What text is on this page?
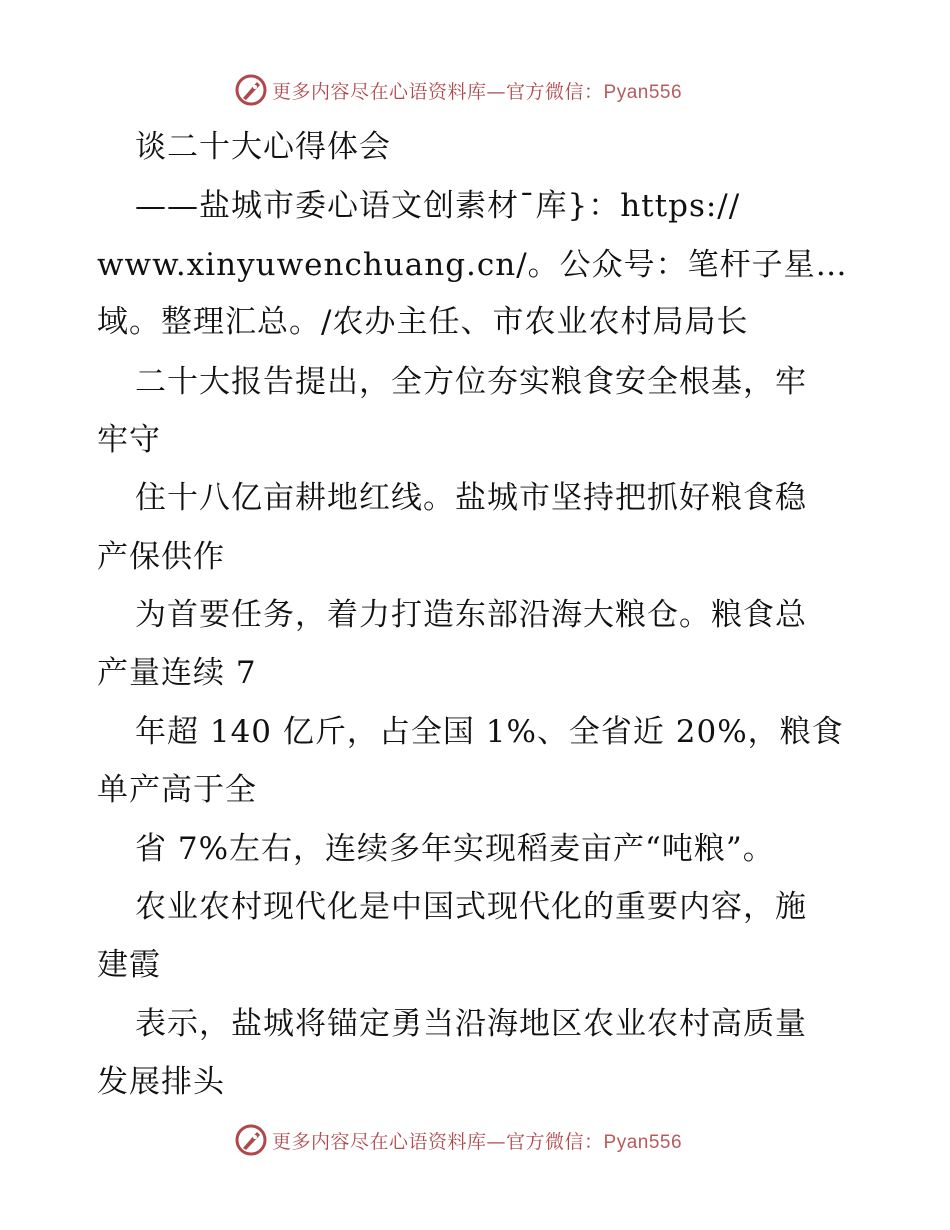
更多内容尽在心语资料库—官方微信：Pyan556
谈二十大心得体会
——盐城市委心语文创素材¯库}：https://
www.xinyuwenchuang.cn/。公众号：笔杆子星…
域。整理汇总。/农办主任、市农业农村局局长
二十大报告提出，全方位夯实粮食安全根基，牢
牢守
住十八亿亩耕地红线。盐城市坚持把抓好粮食稳
产保供作
为首要任务，着力打造东部沿海大粮仓。粮食总
产量连续 7
年超 140 亿斤，占全国 1%、全省近 20%，粮食
单产高于全
省 7%左右，连续多年实现稻麦亩产“吨粮”。
农业农村现代化是中国式现代化的重要内容，施
建霞
表示，盐城将锚定勇当沿海地区农业农村高质量
发展排头
更多内容尽在心语资料库—官方微信：Pyan556
